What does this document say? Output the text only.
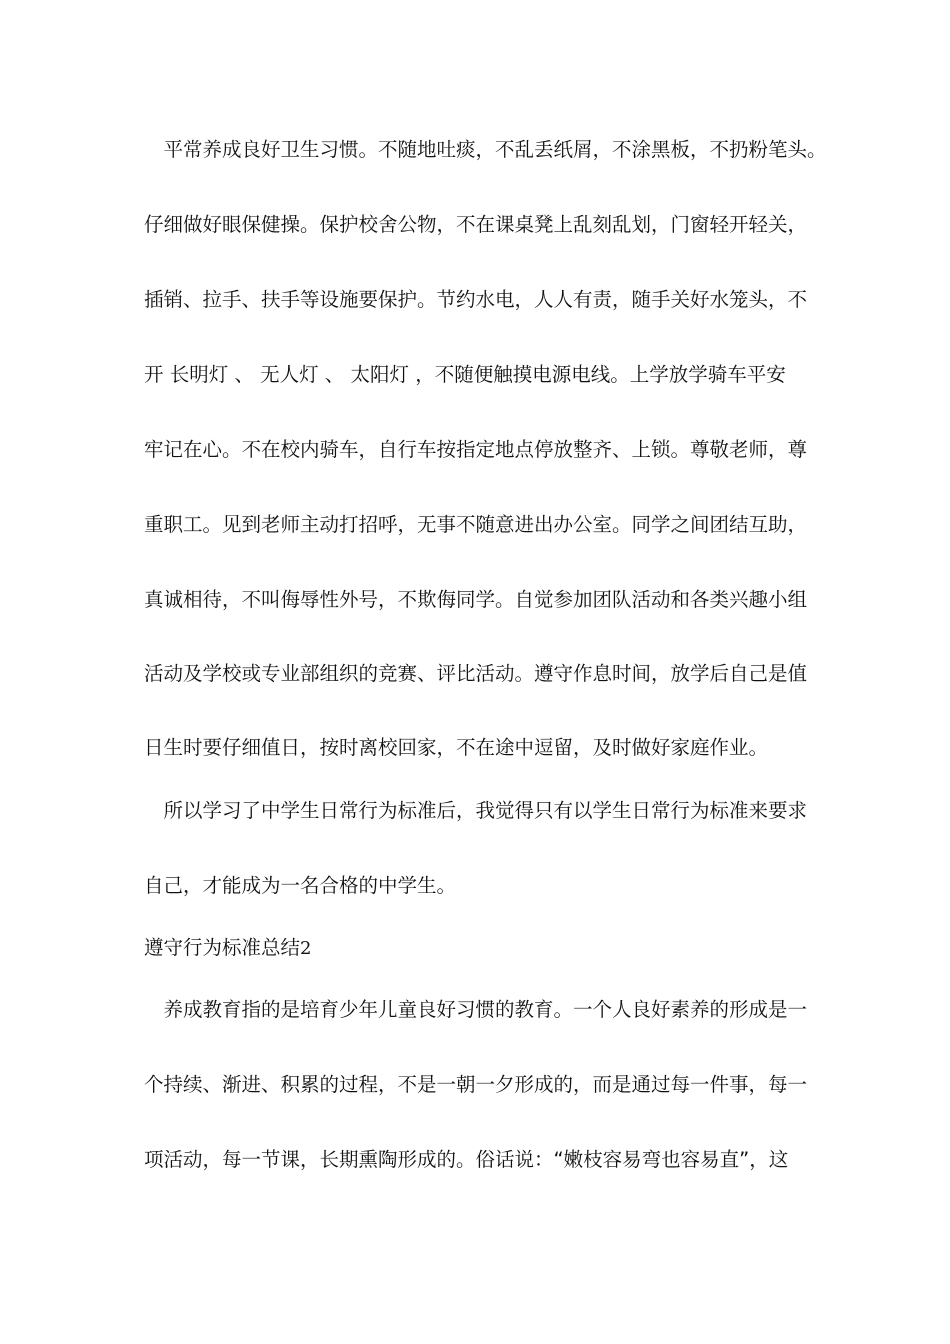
　平常养成良好卫生习惯。不随地吐痰，不乱丢纸屑，不涂黑板，不扔粉笔头。
仔细做好眼保健操。保护校舍公物，不在课桌凳上乱刻乱划，门窗轻开轻关，
插销、拉手、扶手等设施要保护。节约水电，人人有责，随手关好水笼头，不
开 长明灯 、 无人灯 、 太阳灯 ，不随便触摸电源电线。上学放学骑车平安
牢记在心。不在校内骑车，自行车按指定地点停放整齐、上锁。尊敬老师，尊
重职工。见到老师主动打招呼，无事不随意进出办公室。同学之间团结互助，
真诚相待，不叫侮辱性外号，不欺侮同学。自觉参加团队活动和各类兴趣小组
活动及学校或专业部组织的竞赛、评比活动。遵守作息时间，放学后自己是值
日生时要仔细值日，按时离校回家，不在途中逗留，及时做好家庭作业。
　所以学习了中学生日常行为标准后，我觉得只有以学生日常行为标准来要求
自己，才能成为一名合格的中学生。
遵守行为标准总结2
　养成教育指的是培育少年儿童良好习惯的教育。一个人良好素养的形成是一
个持续、渐进、积累的过程，不是一朝一夕形成的，而是通过每一件事，每一
项活动，每一节课，长期熏陶形成的。俗话说：“嫩枝容易弯也容易直”，这
